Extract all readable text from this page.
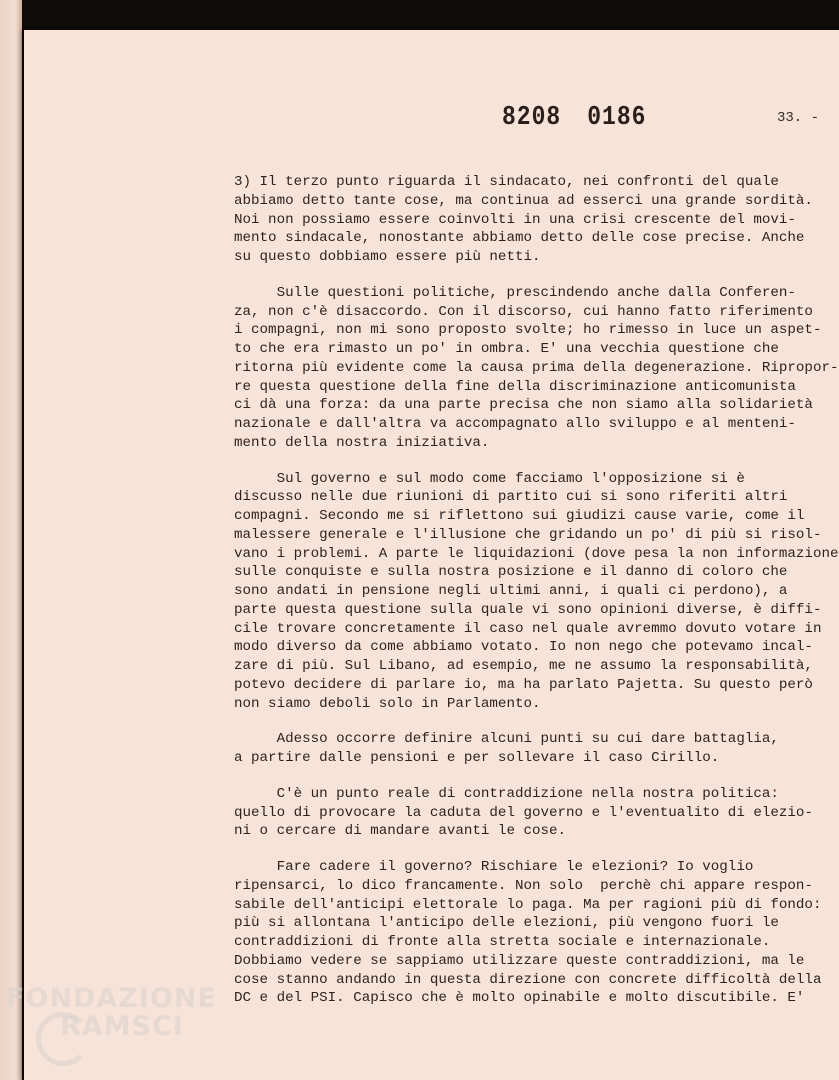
8208 0186	33. -
3) Il terzo punto riguarda il sindacato, nei confronti del quale
abbiamo detto tante cose, ma continua ad esserci una grande sordità.
Noi non possiamo essere coinvolti in una crisi crescente del movi-
mento sindacale, nonostante abbiamo detto delle cose precise. Anche
su questo dobbiamo essere più netti.
Sulle questioni politiche, prescindendo anche dalla Conferen-
za, non c'è disaccordo. Con il discorso, cui hanno fatto riferimento
i compagni, non mi sono proposto svolte; ho rimesso in luce un aspet-
to che era rimasto un po' in ombra. E' una vecchia questione che
ritorna più evidente come la causa prima della degenerazione. Ripropor-
re questa questione della fine della discriminazione anticomunista
ci dà una forza: da una parte precisa che non siamo alla solidarietà
nazionale e dall'altra va accompagnato allo sviluppo e al menteni-
mento della nostra iniziativa.
Sul governo e sul modo come facciamo l'opposizione si è
discusso nelle due riunioni di partito cui si sono riferiti altri
compagni. Secondo me si riflettono sui giudizi cause varie, come il
malessere generale e l'illusione che gridando un po' di più si risol-
vano i problemi. A parte le liquidazioni (dove pesa la non informazione
sulle conquiste e sulla nostra posizione e il danno di coloro che
sono andati in pensione negli ultimi anni, i quali ci perdono), a
parte questa questione sulla quale vi sono opinioni diverse, è diffi-
cile trovare concretamente il caso nel quale avremmo dovuto votare in
modo diverso da come abbiamo votato. Io non nego che potevamo incal-
zare di più. Sul Libano, ad esempio, me ne assumo la responsabilità,
potevo decidere di parlare io, ma ha parlato Pajetta. Su questo però
non siamo deboli solo in Parlamento.
Adesso occorre definire alcuni punti su cui dare battaglia,
a partire dalle pensioni e per sollevare il caso Cirillo.
C'è un punto reale di contraddizione nella nostra politica:
quello di provocare la caduta del governo e l'eventualito di elezio-
ni o cercare di mandare avanti le cose.
Fare cadere il governo? Rischiare le elezioni? Io voglio
ripensarci, lo dico francamente. Non solo  perchè chi appare respon-
sabile dell'anticipi elettorale lo paga. Ma per ragioni più di fondo:
più si allontana l'anticipo delle elezioni, più vengono fuori le
contraddizioni di fronte alla stretta sociale e internazionale.
Dobbiamo vedere se sappiamo utilizzare queste contraddizioni, ma le
cose stanno andando in questa direzione con concrete difficoltà della
DC e del PSI. Capisco che è molto opinabile e molto discutibile. E'
FONDAZIONE
RAMSCI
